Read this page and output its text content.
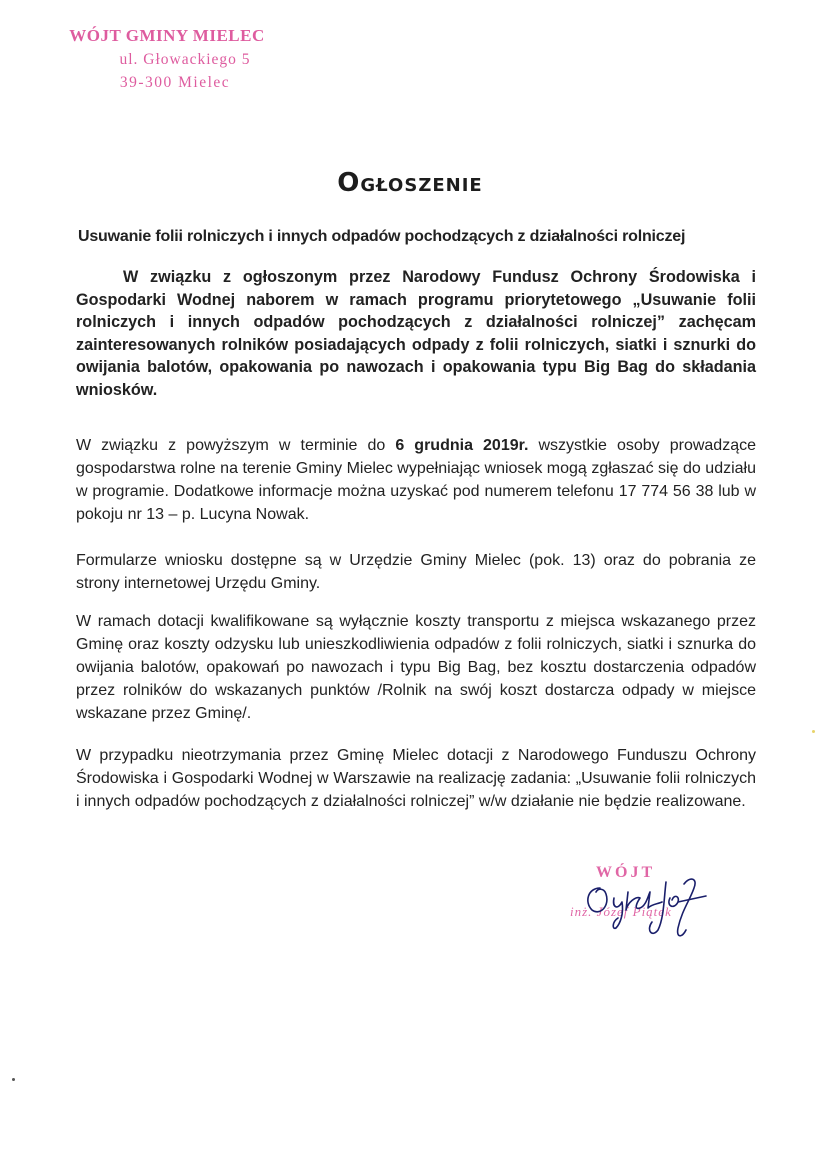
WÓJT GMINY MIELEC
ul. Głowackiego 5
39-300 Mielec
Ogłoszenie
Usuwanie folii rolniczych i innych odpadów pochodzących z działalności rolniczej
W związku z ogłoszonym przez Narodowy Fundusz Ochrony Środowiska i Gospodarki Wodnej naborem w ramach programu priorytetowego „Usuwanie folii rolniczych i innych odpadów pochodzących z działalności rolniczej” zachęcam zainteresowanych rolników posiadających odpady z folii rolniczych, siatki i sznurki do owijania balotów, opakowania po nawozach i opakowania typu Big Bag do składania wniosków.
W związku z powyższym w terminie do 6 grudnia 2019r. wszystkie osoby prowadzące gospodarstwa rolne na terenie Gminy Mielec wypełniając wniosek mogą zgłaszać się do udziału w programie. Dodatkowe informacje można uzyskać pod numerem telefonu 17 774 56 38 lub w pokoju nr 13 – p. Lucyna Nowak.
Formularze wniosku dostępne są w Urzędzie Gminy Mielec (pok. 13) oraz do pobrania ze strony internetowej Urzędu Gminy.
W ramach dotacji kwalifikowane są wyłącznie koszty transportu z miejsca wskazanego przez Gminę oraz koszty odzysku lub unieszkodliwienia odpadów z folii rolniczych, siatki i sznurka do owijania balotów, opakowań po nawozach i typu Big Bag, bez kosztu dostarczenia odpadów przez rolników do wskazanych punktów /Rolnik na swój koszt dostarcza odpady w miejsce wskazane przez Gminę/.
W przypadku nieotrzymania przez Gminę Mielec dotacji z Narodowego Funduszu Ochrony Środowiska i Gospodarki Wodnej w Warszawie na realizację zadania: „Usuwanie folii rolniczych i innych odpadów pochodzących z działalności rolniczej” w/w działanie nie będzie realizowane.
WÓJT
inż. Józef Piątek
